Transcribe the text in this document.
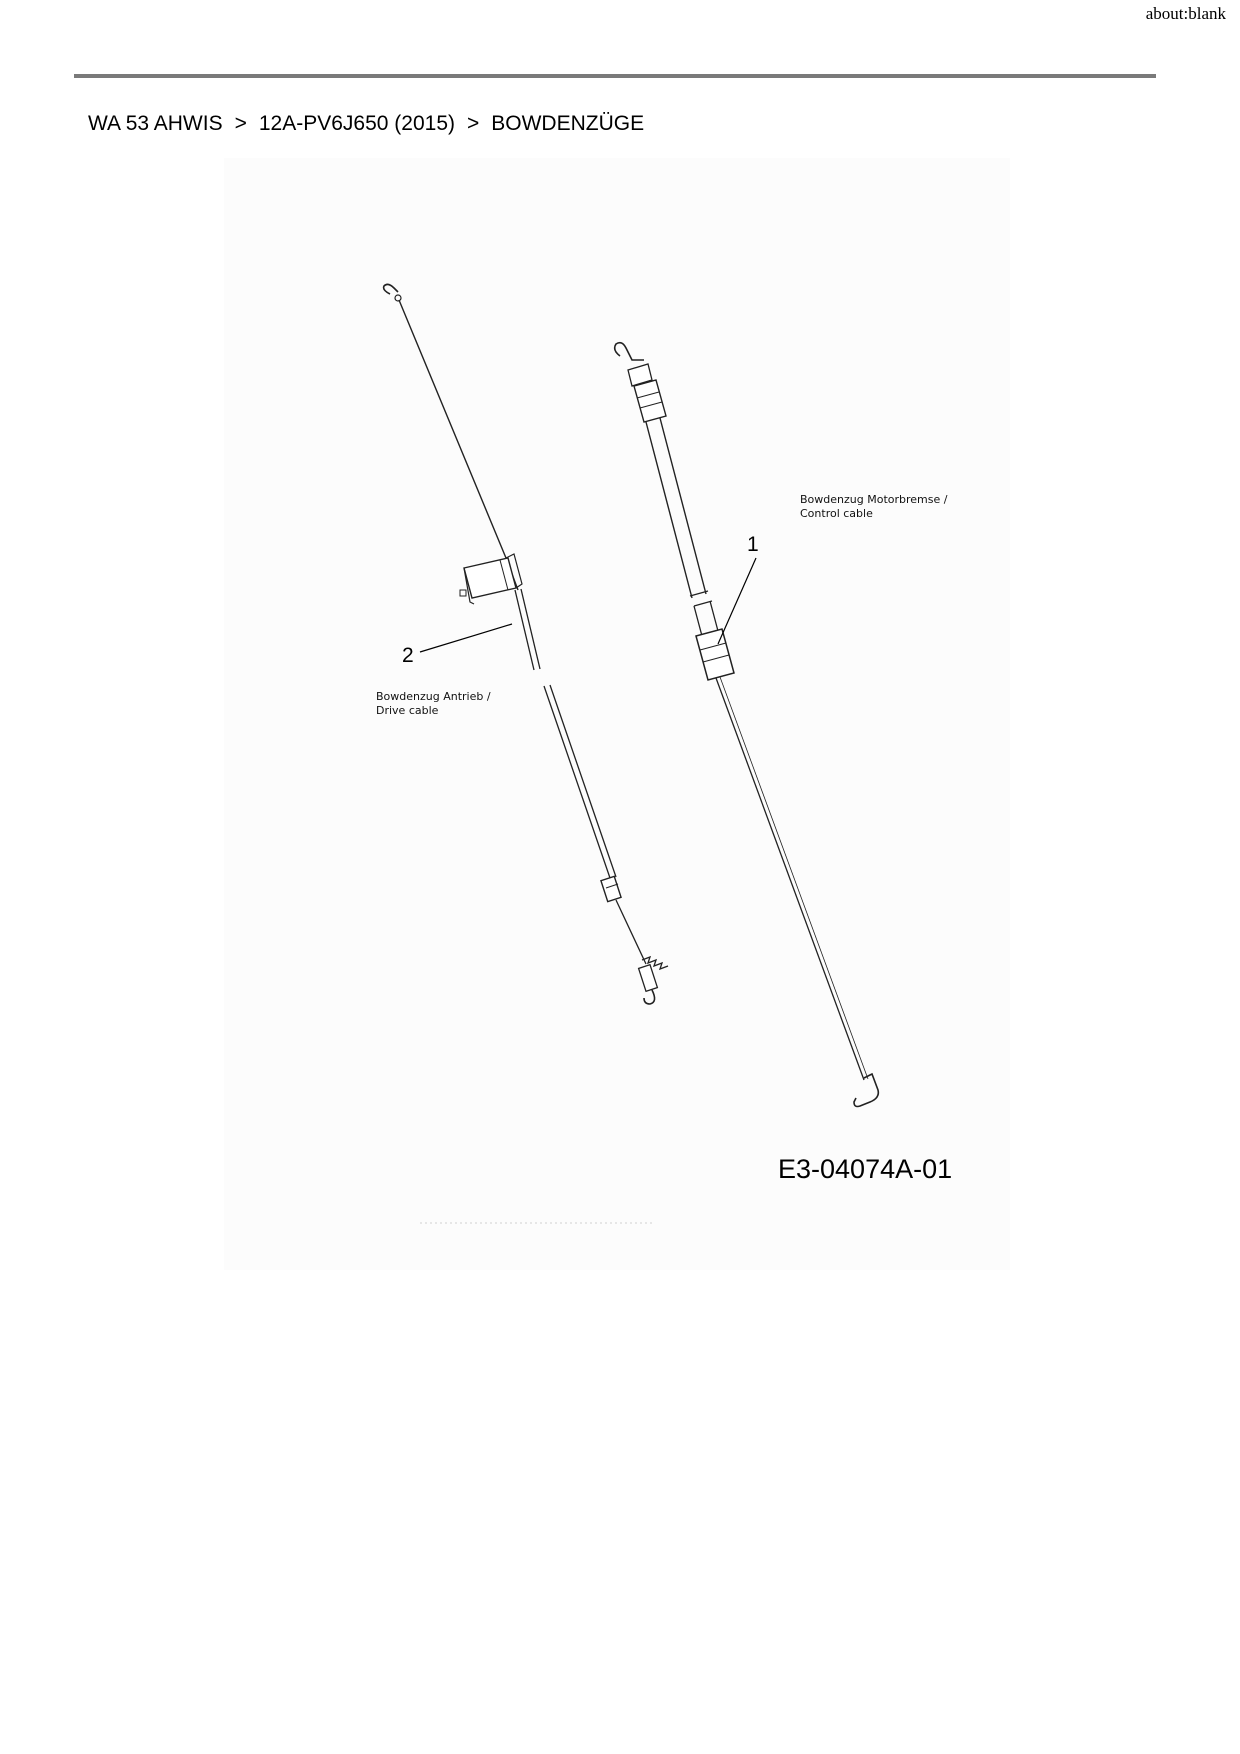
about:blank
WA 53 AHWIS > 12A-PV6J650 (2015) > BOWDENZÜGE
2
Bowdenzug Antrieb /
Drive cable
1
Bowdenzug Motorbremse /
Control cable
E3-04074A-01
